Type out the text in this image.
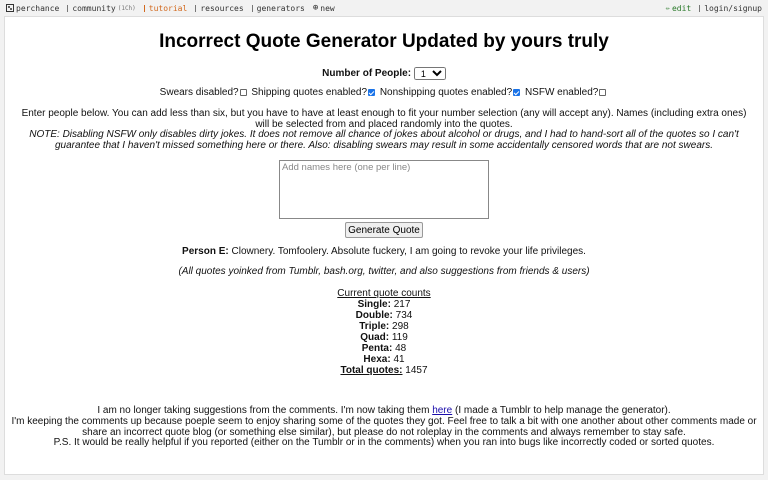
perchance community (1Ch) tutorial resources generators ⊕ new	✏ edit login/signup
Incorrect Quote Generator Updated by yours truly
Number of People:
1
Swears disabled? Shipping quotes enabled? Nonshipping quotes enabled? NSFW enabled?
Enter people below. You can add less than six, but you have to have at least enough to fit your number selection (any will accept any). Names (including extra ones) will be selected from and placed randomly into the quotes.
NOTE: Disabling NSFW only disables dirty jokes. It does not remove all chance of jokes about alcohol or drugs, and I had to hand-sort all of the quotes so I can't guarantee that I haven't missed something here or there. Also: disabling swears may result in some accidentally censored words that are not swears.
Add names here (one per line)
Generate Quote
Person E: Clownery. Tomfoolery. Absolute fuckery, I am going to revoke your life privileges.
(All quotes yoinked from Tumblr, bash.org, twitter, and also suggestions from friends & users)
Current quote counts
Single: 217
Double: 734
Triple: 298
Quad: 119
Penta: 48
Hexa: 41
Total quotes: 1457
I am no longer taking suggestions from the comments. I'm now taking them here (I made a Tumblr to help manage the generator).
I'm keeping the comments up because poeple seem to enjoy sharing some of the quotes they got. Feel free to talk a bit with one another about other comments made or share an incorrect quote blog (or something else similar), but please do not roleplay in the comments and always remember to stay safe.
P.S. It would be really helpful if you reported (either on the Tumblr or in the comments) when you ran into bugs like incorrectly coded or sorted quotes.
